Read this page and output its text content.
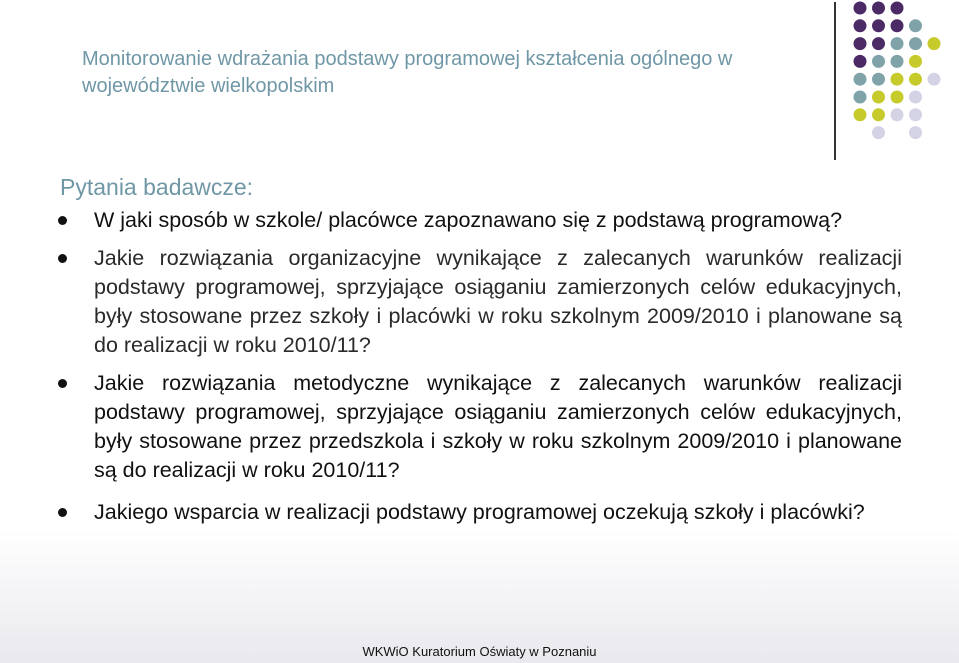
Monitorowanie wdrażania podstawy programowej kształcenia ogólnego w województwie wielkopolskim
Pytania badawcze:
W jaki sposób w szkole/ placówce zapoznawano się z podstawą programową?
Jakie rozwiązania organizacyjne wynikające z zalecanych warunków realizacji podstawy programowej, sprzyjające osiąganiu zamierzonych celów edukacyjnych, były stosowane przez szkoły i placówki w roku szkolnym 2009/2010 i planowane są do realizacji w roku 2010/11?
Jakie rozwiązania metodyczne wynikające z zalecanych warunków realizacji podstawy programowej, sprzyjające osiąganiu zamierzonych celów edukacyjnych, były stosowane przez przedszkola i szkoły w roku szkolnym 2009/2010 i planowane są do realizacji w roku 2010/11?
Jakiego wsparcia w realizacji podstawy programowej oczekują szkoły i placówki?
WKWiO Kuratorium Oświaty w Poznaniu
